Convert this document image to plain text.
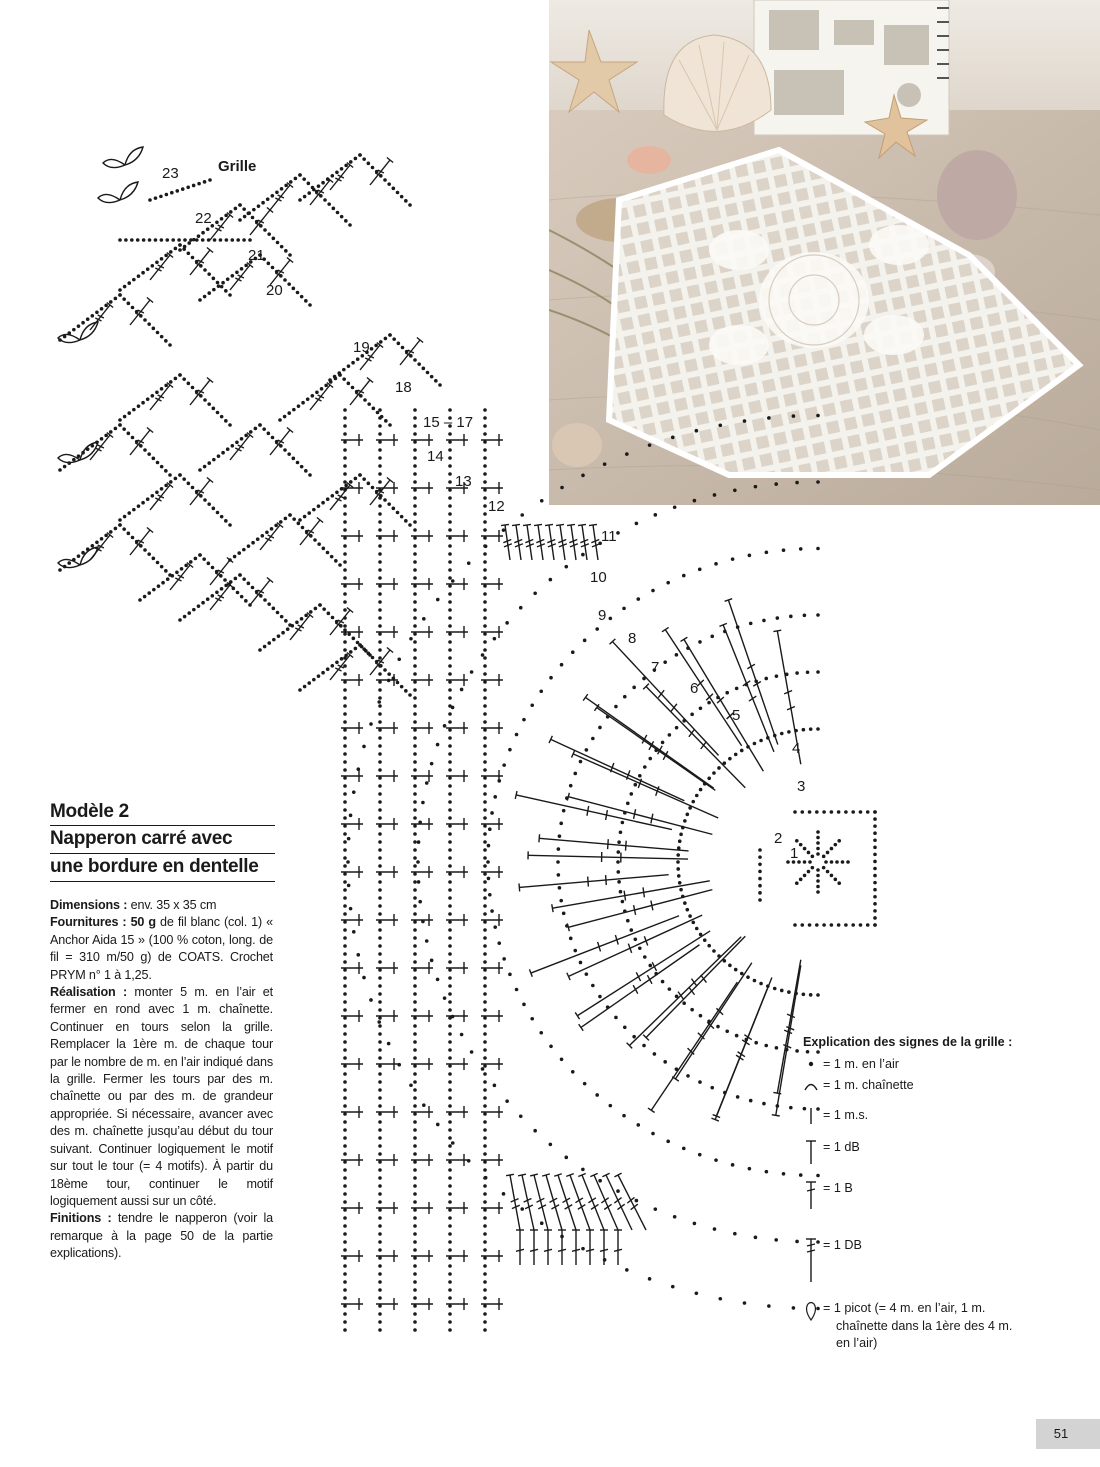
1
2
3
4
5
6
7
8
9
10
11
12
13
14
15 – 17
18
19
20
21
22
23	Grille

Modèle 2

Napperon carré avec

une bordure en dentelle

Dimensions : env. 35 x 35 cm

Fournitures : 50 g de fil blanc (col. 1) « Anchor Aida 15 » (100 % coton, long. de fil = 310 m/50 g) de COATS. Crochet PRYM n° 1 à 1,25.

Réalisation : monter 5 m. en l’air et fermer en rond avec 1 m. chaînette. Continuer en tours selon la grille. Remplacer la 1ère m. de chaque tour par le nombre de m. en l’air indiqué dans la grille. Fermer les tours par des m. chaînette ou par des m. de grandeur appropriée. Si nécessaire, avancer avec des m. chaînette jusqu’au début du tour suivant. Continuer logiquement le motif sur tout le tour (= 4 motifs). À partir du 18ème tour, continuer le motif logiquement aussi sur un côté.

Finitions : tendre le napperon (voir la remarque à la page 50 de la partie explications).

Explication des signes de la grille :

= 1 m. en l’air
= 1 m. chaînette
= 1 m.s.
= 1 dB
= 1 B
= 1 DB
= 1 picot (= 4 m. en l’air, 1 m.
chaînette dans la 1ère des 4 m.
en l’air)
51
